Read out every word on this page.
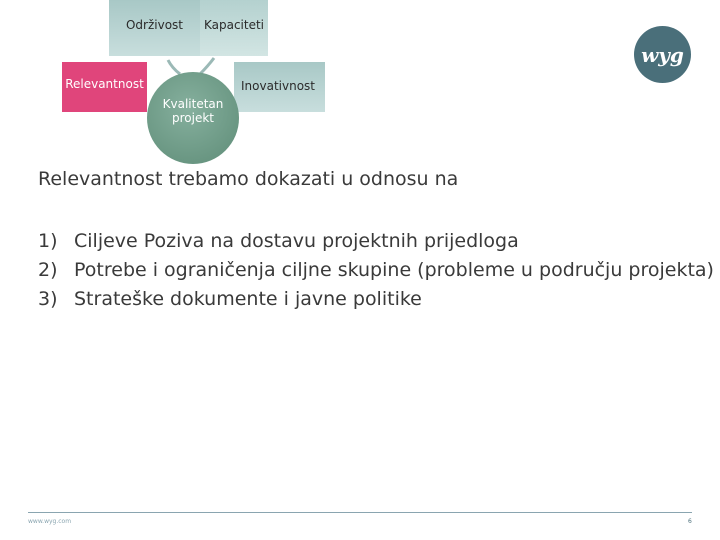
Održivost Kapaciteti
Relevantnost	Inovativnost
Kvalitetan
projekt
wyg
Relevantnost trebamo dokazati u odnosu na
1) Ciljeve Poziva na dostavu projektnih prijedloga
2) Potrebe i ograničenja ciljne skupine (probleme u području projekta)
3) Strateške dokumente i javne politike
www.wyg.com	6
